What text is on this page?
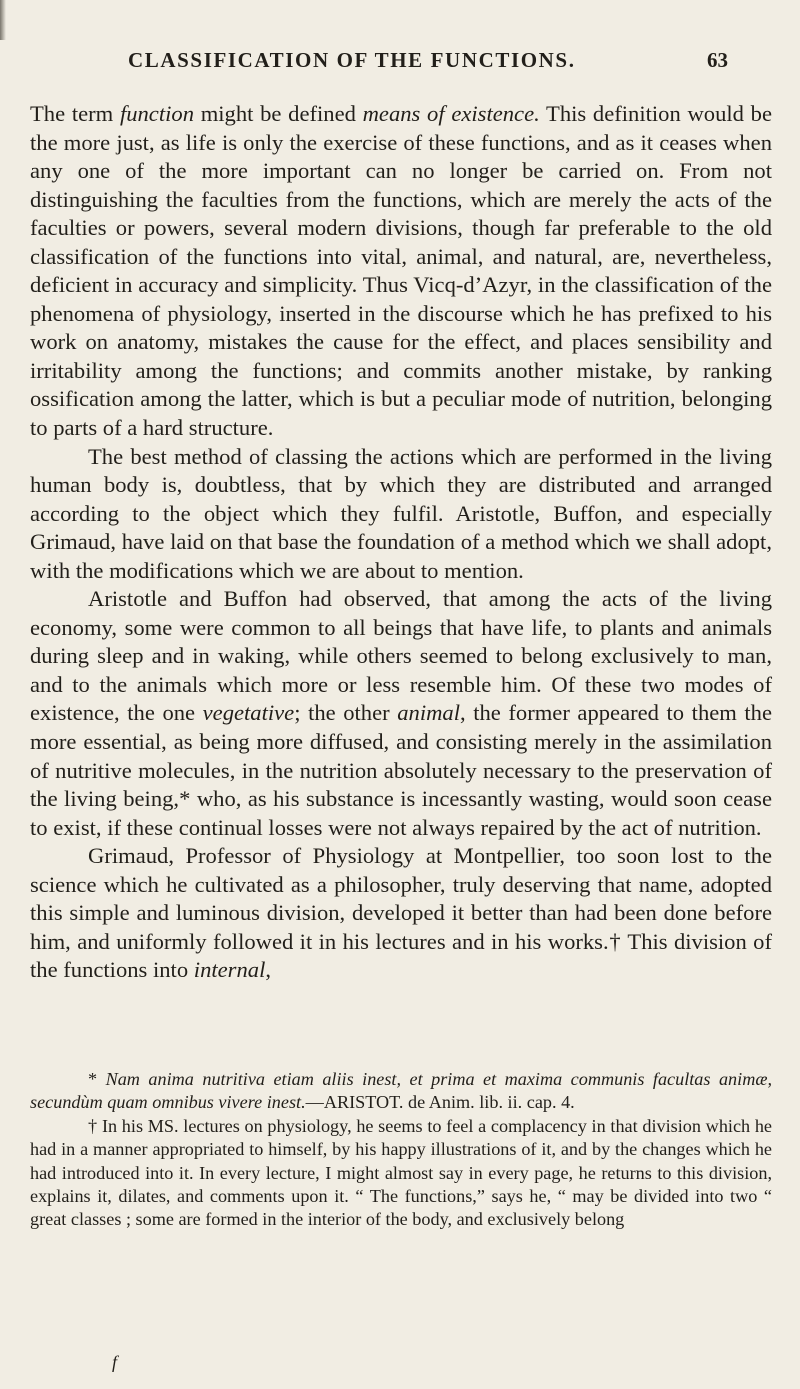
CLASSIFICATION OF THE FUNCTIONS.	63

The term function might be defined means of existence. This definition would be the more just, as life is only the exercise of these functions, and as it ceases when any one of the more important can no longer be carried on. From not distinguishing the faculties from the functions, which are merely the acts of the faculties or powers, several modern divisions, though far preferable to the old classification of the functions into vital, animal, and natural, are, nevertheless, deficient in accuracy and simplicity. Thus Vicq-d’Azyr, in the classification of the phenomena of physiology, inserted in the discourse which he has prefixed to his work on anatomy, mistakes the cause for the effect, and places sensibility and irritability among the functions; and commits another mistake, by ranking ossification among the latter, which is but a peculiar mode of nutrition, belonging to parts of a hard structure.

The best method of classing the actions which are performed in the living human body is, doubtless, that by which they are distributed and arranged according to the object which they fulfil. Aristotle, Buffon, and especially Grimaud, have laid on that base the foundation of a method which we shall adopt, with the modifications which we are about to mention.

Aristotle and Buffon had observed, that among the acts of the living economy, some were common to all beings that have life, to plants and animals during sleep and in waking, while others seemed to belong exclusively to man, and to the animals which more or less resemble him. Of these two modes of existence, the one vegetative; the other animal, the former appeared to them the more essential, as being more diffused, and consisting merely in the assimilation of nutritive molecules, in the nutrition absolutely necessary to the preservation of the living being,* who, as his substance is incessantly wasting, would soon cease to exist, if these continual losses were not always repaired by the act of nutrition.

Grimaud, Professor of Physiology at Montpellier, too soon lost to the science which he cultivated as a philosopher, truly deserving that name, adopted this simple and luminous division, developed it better than had been done before him, and uniformly followed it in his lectures and in his works.† This division of the functions into internal,

* Nam anima nutritiva etiam aliis inest, et prima et maxima communis facultas animæ, secundùm quam omnibus vivere inest.—ARISTOT. de Anim. lib. ii. cap. 4.

† In his MS. lectures on physiology, he seems to feel a complacency in that division which he had in a manner appropriated to himself, by his happy illustrations of it, and by the changes which he had introduced into it. In every lecture, I might almost say in every page, he returns to this division, explains it, dilates, and comments upon it. “ The functions,” says he, “ may be divided into two “ great classes ; some are formed in the interior of the body, and exclusively belong

f
